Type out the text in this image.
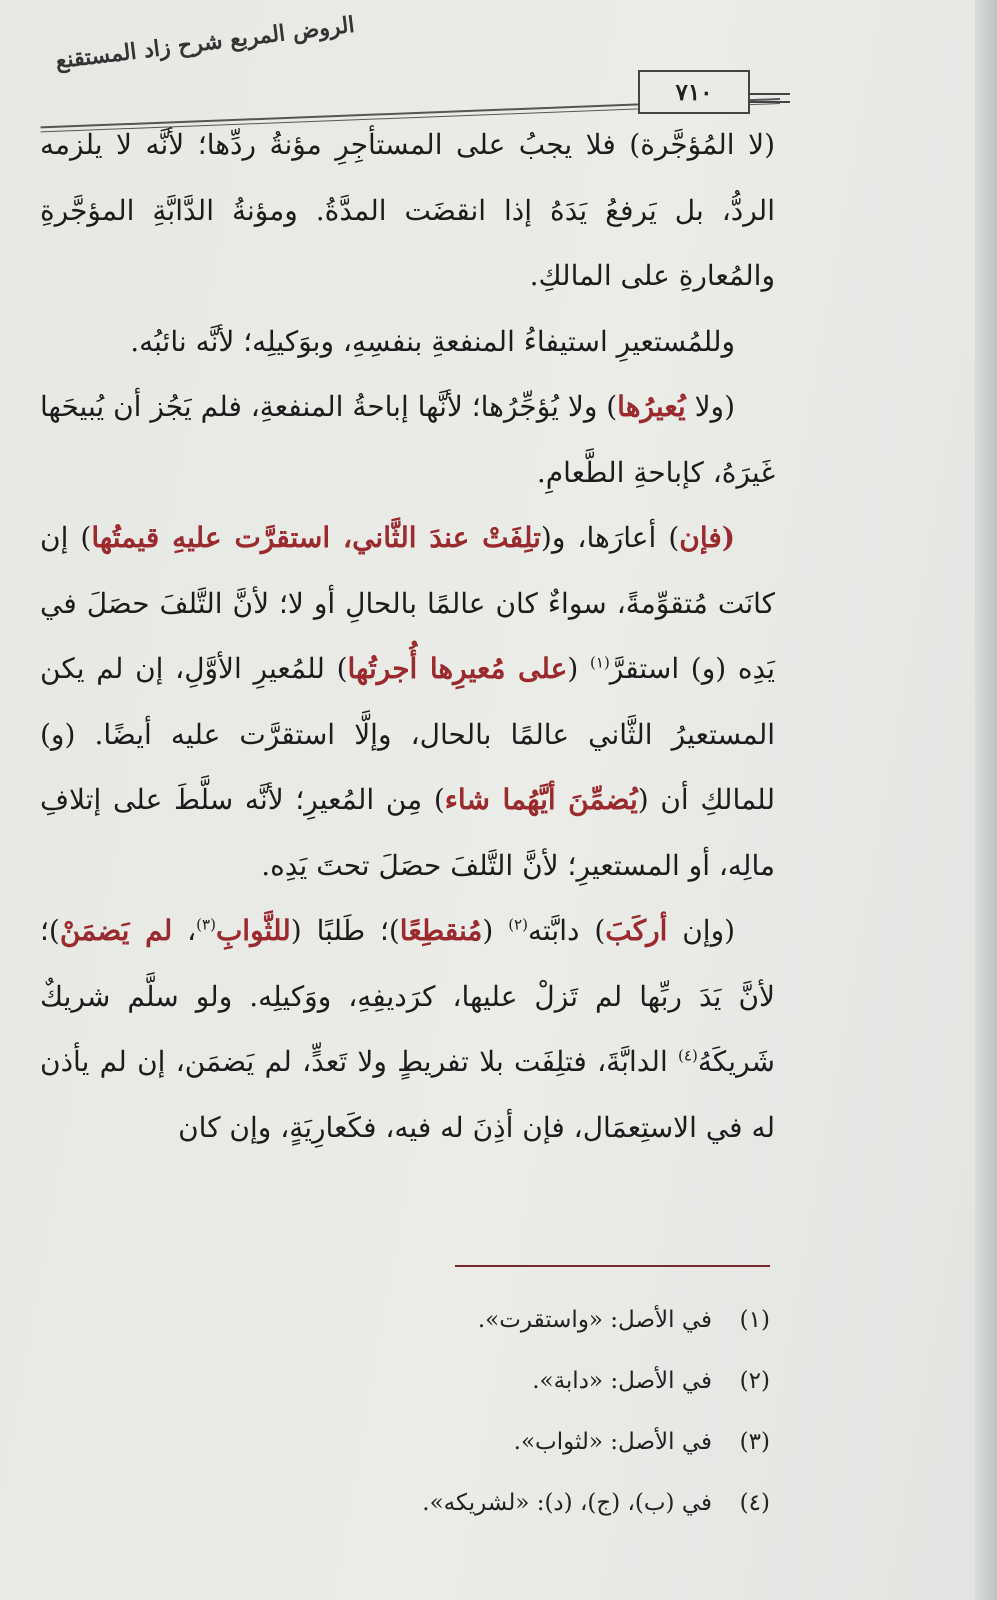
الروض المربع شرح زاد المستقنع
٧١٠

(لا المُؤجَّرة) فلا يجبُ على المستأجِرِ مؤنةُ ردِّها؛ لأنَّه لا يلزمه الردُّ، بل يَرفعُ يَدَهُ إذا انقضَت المدَّةُ. ومؤنةُ الدَّابَّةِ المؤجَّرةِ والمُعارةِ على المالكِ.

وللمُستعيرِ استيفاءُ المنفعةِ بنفسِهِ، وبوَكيلِه؛ لأنَّه نائبُه.

(ولا يُعيرُها) ولا يُؤجِّرُها؛ لأنَّها إباحةُ المنفعةِ، فلم يَجُز أن يُبيحَها غَيرَهُ، كإباحةِ الطَّعامِ.

(فإن) أعارَها، و(تلِفَتْ عندَ الثَّاني، استقرَّت عليهِ قيمتُها) إن كانَت مُتقوِّمةً، سواءٌ كان عالمًا بالحالِ أو لا؛ لأنَّ التَّلفَ حصَلَ في يَدِه (و) استقرَّ$^{(١)}$ (على مُعيرِها أُجرتُها) للمُعيرِ الأوَّلِ، إن لم يكن المستعيرُ الثَّاني عالمًا بالحال، وإلَّا استقرَّت عليه أيضًا. (و) للمالكِ أن (يُضمِّنَ أيَّهُما شاء) مِن المُعيرِ؛ لأنَّه سلَّطَ على إتلافِ مالِه، أو المستعيرِ؛ لأنَّ التَّلفَ حصَلَ تحتَ يَدِه.

(وإن أركَبَ) دابَّته$^{(٢)}$ (مُنقطِعًا)؛ طَلبًا (للثَّوابِ$^{(٣)}$، لم يَضمَنْ)؛ لأنَّ يَدَ ربِّها لم تَزلْ عليها، كرَديفِهِ، ووَكيلِه. ولو سلَّم شريكٌ شَريكَهُ$^{(٤)}$ الدابَّةَ، فتلِفَت بلا تفريطٍ ولا تَعدٍّ، لم يَضمَن، إن لم يأذن له في الاستِعمَال، فإن أذِنَ له فيه، فكَعارِيَةٍ، وإن كان

(١)في الأصل: «واستقرت».
(٢)في الأصل: «دابة».
(٣)في الأصل: «لثواب».
(٤)في (ب)، (ج)، (د): «لشريكه».
